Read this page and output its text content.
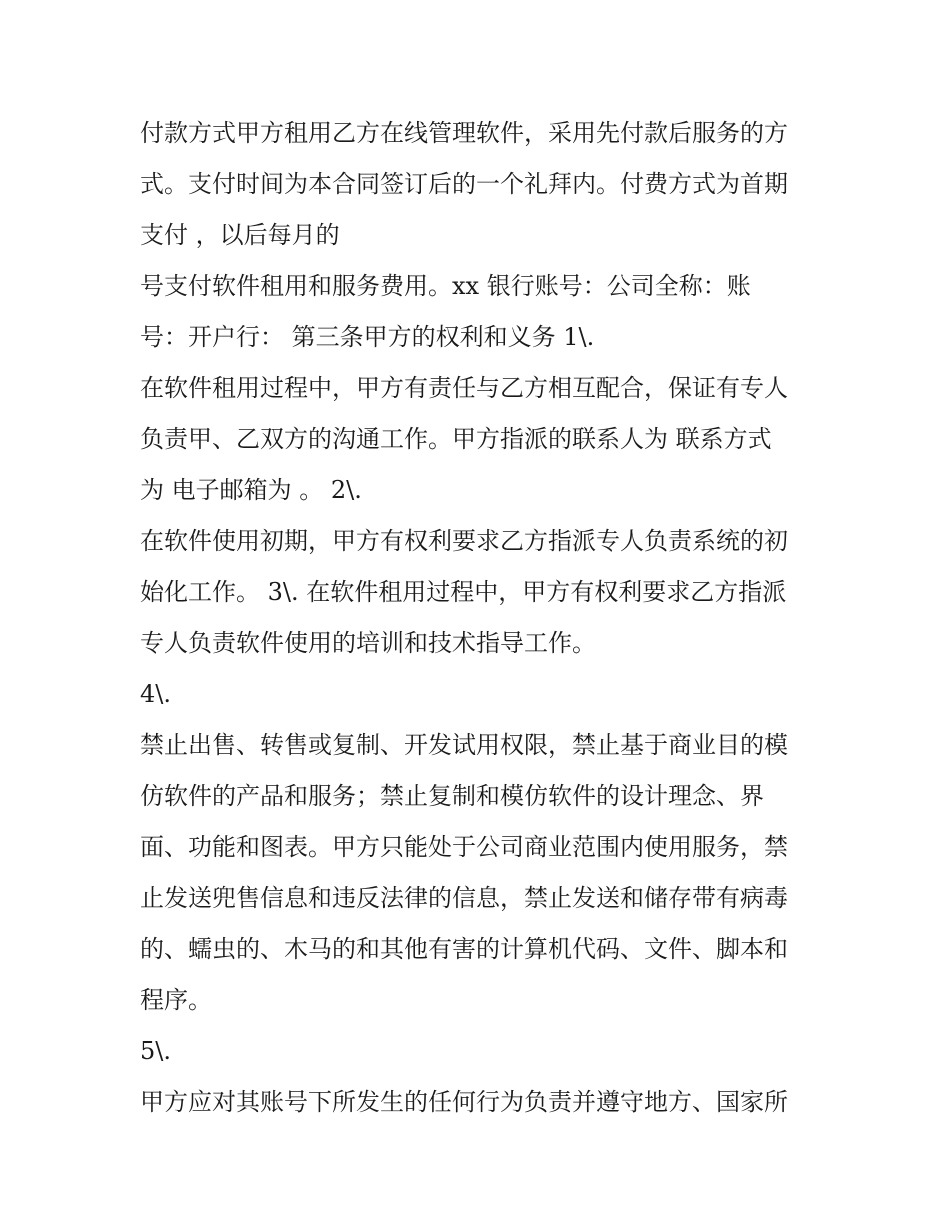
付款方式甲方租用乙方在线管理软件，采用先付款后服务的方
式。支付时间为本合同签订后的一个礼拜内。付费方式为首期
支付 ，以后每月的
号支付软件租用和服务费用。xx 银行账号：公司全称：账
号：开户行： 第三条甲方的权利和义务 1\.
在软件租用过程中，甲方有责任与乙方相互配合，保证有专人
负责甲、乙双方的沟通工作。甲方指派的联系人为 联系方式
为 电子邮箱为 。 2\.
在软件使用初期，甲方有权利要求乙方指派专人负责系统的初
始化工作。 3\. 在软件租用过程中，甲方有权利要求乙方指派
专人负责软件使用的培训和技术指导工作。
4\.
禁止出售、转售或复制、开发试用权限，禁止基于商业目的模
仿软件的产品和服务；禁止复制和模仿软件的设计理念、界
面、功能和图表。甲方只能处于公司商业范围内使用服务，禁
止发送兜售信息和违反法律的信息，禁止发送和储存带有病毒
的、蠕虫的、木马的和其他有害的计算机代码、文件、脚本和
程序。
5\.
甲方应对其账号下所发生的任何行为负责并遵守地方、国家所
